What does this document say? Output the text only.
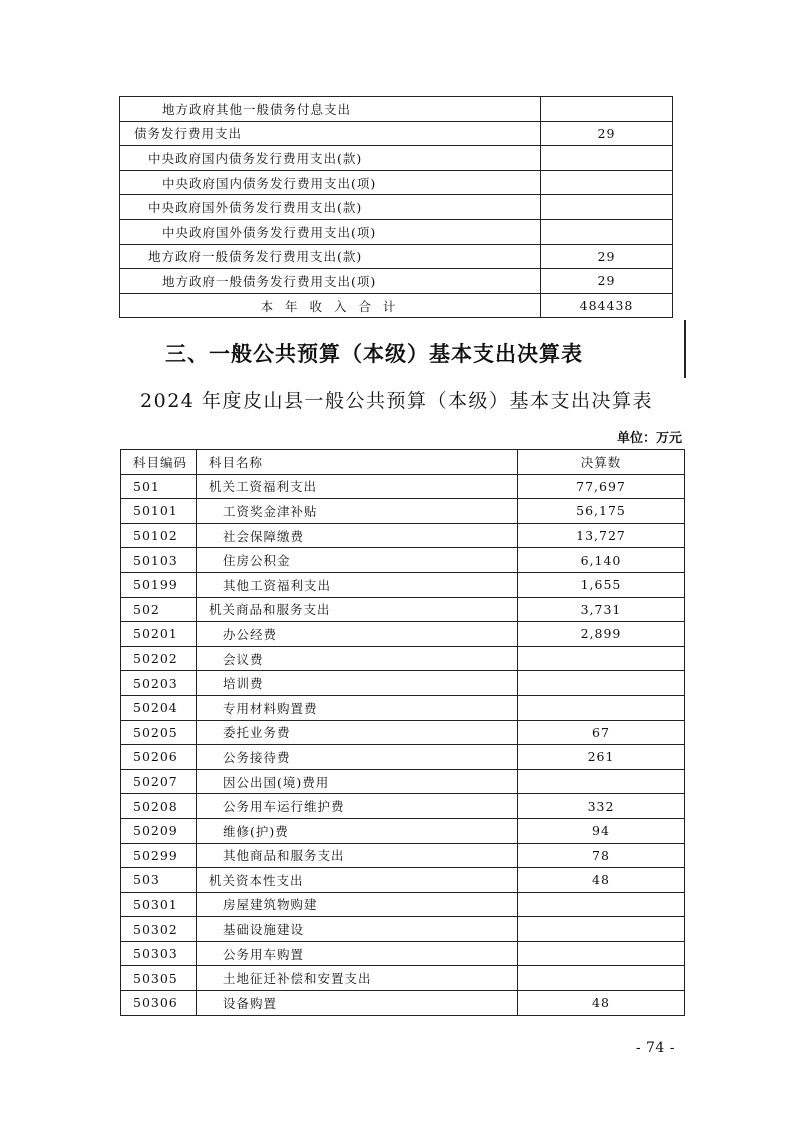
地方政府其他一般债务付息支出	
债务发行费用支出	29
中央政府国内债务发行费用支出(款)	
中央政府国内债务发行费用支出(项)	
中央政府国外债务发行费用支出(款)	
中央政府国外债务发行费用支出(项)	
地方政府一般债务发行费用支出(款)	29
地方政府一般债务发行费用支出(项)	29
本 年 收 入 合 计	484438
三、一般公共预算（本级）基本支出决算表
2024 年度皮山县一般公共预算（本级）基本支出决算表
单位：万元
科目编码	科目名称	决算数
501	机关工资福利支出	77,697
50101	工资奖金津补贴	56,175
50102	社会保障缴费	13,727
50103	住房公积金	6,140
50199	其他工资福利支出	1,655
502	机关商品和服务支出	3,731
50201	办公经费	2,899
50202	会议费	
50203	培训费	
50204	专用材料购置费	
50205	委托业务费	67
50206	公务接待费	261
50207	因公出国(境)费用	
50208	公务用车运行维护费	332
50209	维修(护)费	94
50299	其他商品和服务支出	78
503	机关资本性支出	48
50301	房屋建筑物购建	
50302	基础设施建设	
50303	公务用车购置	
50305	土地征迁补偿和安置支出	
50306	设备购置	48
- 74 -
